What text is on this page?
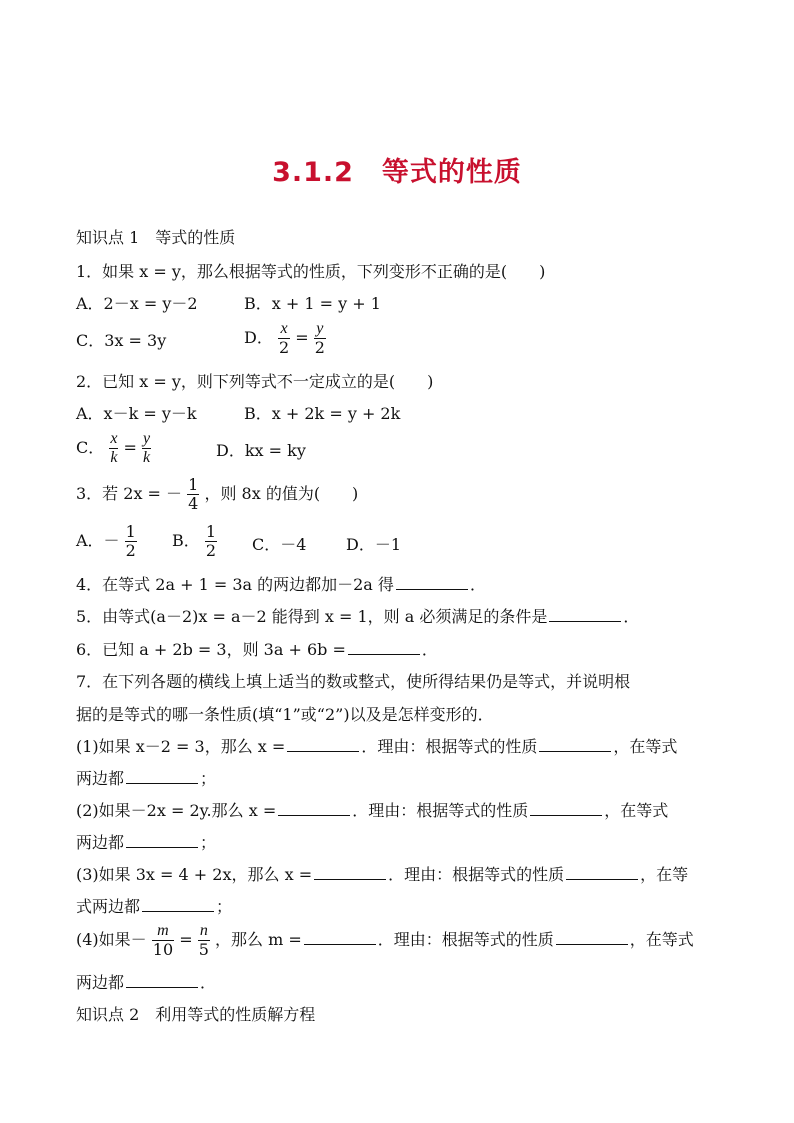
3.1.2　等式的性质
知识点 1　等式的性质
1．如果 x = y，那么根据等式的性质，下列变形不正确的是(　　)
A．2－x = y－2	B．x + 1 = y + 1
C．3x = 3y	D． $\frac{x}{2} = \frac{y}{2}$
2．已知 x = y，则下列等式不一定成立的是(　　)
A．x－k = y－k	B．x + 2k = y + 2k
C． $\frac{x}{k} = \frac{y}{k}$	D．kx = ky
3．若 2x = － $\frac{1}{4}$ ，则 8x 的值为(　　)
A．－ $\frac{1}{2}$ B． $\frac{1}{2}$ C．－4 D．－1
4．在等式 2a + 1 = 3a 的两边都加－2a 得	．
5．由等式(a－2)x = a－2 能得到 x = 1，则 a 必须满足的条件是	．
6．已知 a + 2b = 3，则 3a + 6b =	．
7．在下列各题的横线上填上适当的数或整式，使所得结果仍是等式，并说明根
据的是等式的哪一条性质(填“1”或“2”)以及是怎样变形的．
(1)如果 x－2 = 3，那么 x =	．理由：根据等式的性质	，在等式
两边都	；
(2)如果－2x = 2y.那么 x =	．理由：根据等式的性质	，在等式
两边都	；
(3)如果 3x = 4 + 2x，那么 x =	．理由：根据等式的性质	，在等
式两边都	；
(4)如果－ $\frac{m}{10} = \frac{n}{5}$ ，那么 m =	．理由：根据等式的性质	，在等式
两边都	．
知识点 2　利用等式的性质解方程
